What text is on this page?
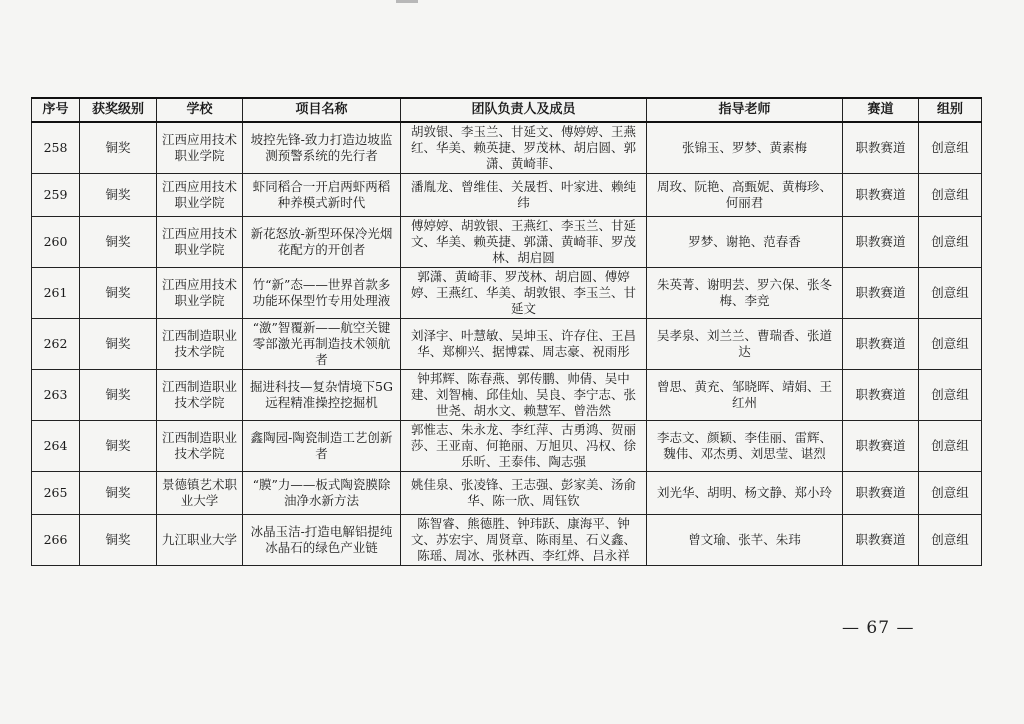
序号	获奖级别	学校	项目名称	团队负责人及成员	指导老师	赛道	组别
258	铜奖	江西应用技术职业学院	坡控先锋-致力打造边坡监测预警系统的先行者	胡敦银、李玉兰、甘延文、傅婷婷、王燕红、华美、赖英捷、罗茂林、胡启圆、郭潇、黄崎菲、	张锦玉、罗梦、黄素梅	职教赛道	创意组
259	铜奖	江西应用技术职业学院	虾同稻合一开启两虾两稻种养模式新时代	潘胤龙、曾维佳、关晟哲、叶家进、赖纯纬	周玫、阮艳、高甄妮、黄梅珍、何丽君	职教赛道	创意组
260	铜奖	江西应用技术职业学院	新花怒放-新型环保冷光烟花配方的开创者	傅婷婷、胡敦银、王燕红、李玉兰、甘延文、华美、赖英捷、郭潇、黄崎菲、罗茂林、胡启圆	罗梦、谢艳、范春香	职教赛道	创意组
261	铜奖	江西应用技术职业学院	竹“新”态——世界首款多功能环保型竹专用处理液	郭潇、黄崎菲、罗茂林、胡启圆、傅婷婷、王燕红、华美、胡敦银、李玉兰、甘延文	朱英菁、谢明芸、罗六保、张冬梅、李竞	职教赛道	创意组
262	铜奖	江西制造职业技术学院	“激”智覆新——航空关键零部激光再制造技术领航者	刘泽宇、叶慧敏、吴坤玉、许存住、王昌华、郑柳兴、据博霖、周志豪、祝雨彤	吴孝泉、刘兰兰、曹瑞香、张道达	职教赛道	创意组
263	铜奖	江西制造职业技术学院	掘进科技—复杂情境下5G远程精准操控挖掘机	钟邦辉、陈春燕、郭传鹏、帅倩、吴中建、刘智楠、邱佳灿、吴良、李宁志、张世尧、胡水文、赖慧军、曾浩然	曾思、黄充、邹晓晖、靖娟、王红州	职教赛道	创意组
264	铜奖	江西制造职业技术学院	鑫陶园-陶瓷制造工艺创新者	郭惟志、朱永龙、李红萍、古勇鸿、贺丽莎、王亚南、何艳丽、万旭贝、冯权、徐乐昕、王泰伟、陶志强	李志文、颜颖、李佳丽、雷辉、魏伟、邓杰勇、刘思莹、谌烈	职教赛道	创意组
265	铜奖	景德镇艺术职业大学	“膜”力——板式陶瓷膜除油净水新方法	姚佳泉、张凌锋、王志强、彭家美、汤俞华、陈一欣、周钰钦	刘光华、胡明、杨文静、郑小玲	职教赛道	创意组
266	铜奖	九江职业大学	冰晶玉洁-打造电解铝提纯冰晶石的绿色产业链	陈智睿、熊德胜、钟玮跃、康海平、钟文、苏宏宇、周贤章、陈雨星、石义鑫、陈瑶、周冰、张林西、李红烨、吕永祥	曾文瑜、张芊、朱玮	职教赛道	创意组
— 67 —
